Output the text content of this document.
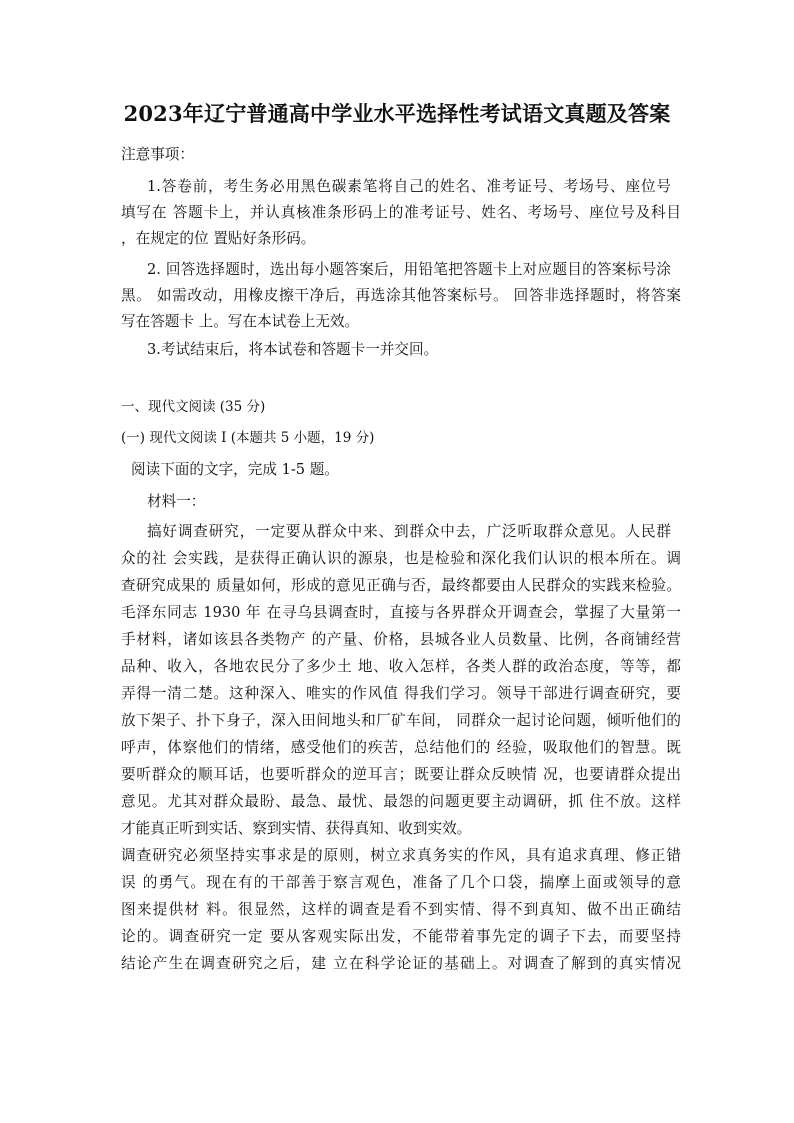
2023年辽宁普通高中学业水平选择性考试语文真题及答案
注意事项：
1.答卷前，考生务必用黑色碳素笔将自己的姓名、准考证号、考场号、座位号
填写在 答题卡上，并认真核准条形码上的准考证号、姓名、考场号、座位号及科目
，在规定的位 置贴好条形码。
2. 回答选择题时，选出每小题答案后，用铅笔把答题卡上对应题目的答案标号涂
黑。 如需改动，用橡皮擦干净后，再选涂其他答案标号。 回答非选择题时，将答案
写在答题卡 上。写在本试卷上无效。
3.考试结束后，将本试卷和答题卡一并交回。
一、现代文阅读 (35 分)
(一) 现代文阅读 I (本题共 5 小题，19 分)
阅读下面的文字，完成 1-5 题。
材料一：
搞好调查研究，一定要从群众中来、到群众中去，广泛听取群众意见。人民群
众的社 会实践，是获得正确认识的源泉，也是检验和深化我们认识的根本所在。调
查研究成果的 质量如何，形成的意见正确与否，最终都要由人民群众的实践来检验。
毛泽东同志 1930 年 在寻乌县调查时，直接与各界群众开调查会，掌握了大量第一
手材料，诸如该县各类物产 的产量、价格，县城各业人员数量、比例，各商铺经营
品种、收入，各地农民分了多少土 地、收入怎样，各类人群的政治态度，等等，都
弄得一清二楚。这种深入、唯实的作风值 得我们学习。领导干部进行调查研究，要
放下架子、扑下身子，深入田间地头和厂矿车间， 同群众一起讨论问题，倾听他们的
呼声，体察他们的情绪，感受他们的疾苦，总结他们的 经验，吸取他们的智慧。既
要听群众的顺耳话，也要听群众的逆耳言；既要让群众反映情 况，也要请群众提出
意见。尤其对群众最盼、最急、最忧、最怨的问题更要主动调研，抓 住不放。这样
才能真正听到实话、察到实情、获得真知、收到实效。
调查研究必须坚持实事求是的原则，树立求真务实的作风，具有追求真理、修正错
误 的勇气。现在有的干部善于察言观色，准备了几个口袋，揣摩上面或领导的意
图来提供材 料。很显然，这样的调查是看不到实情、得不到真知、做不出正确结
论的。调查研究一定 要从客观实际出发，不能带着事先定的调子下去，而要坚持
结论产生在调查研究之后，建 立在科学论证的基础上。对调查了解到的真实情况
